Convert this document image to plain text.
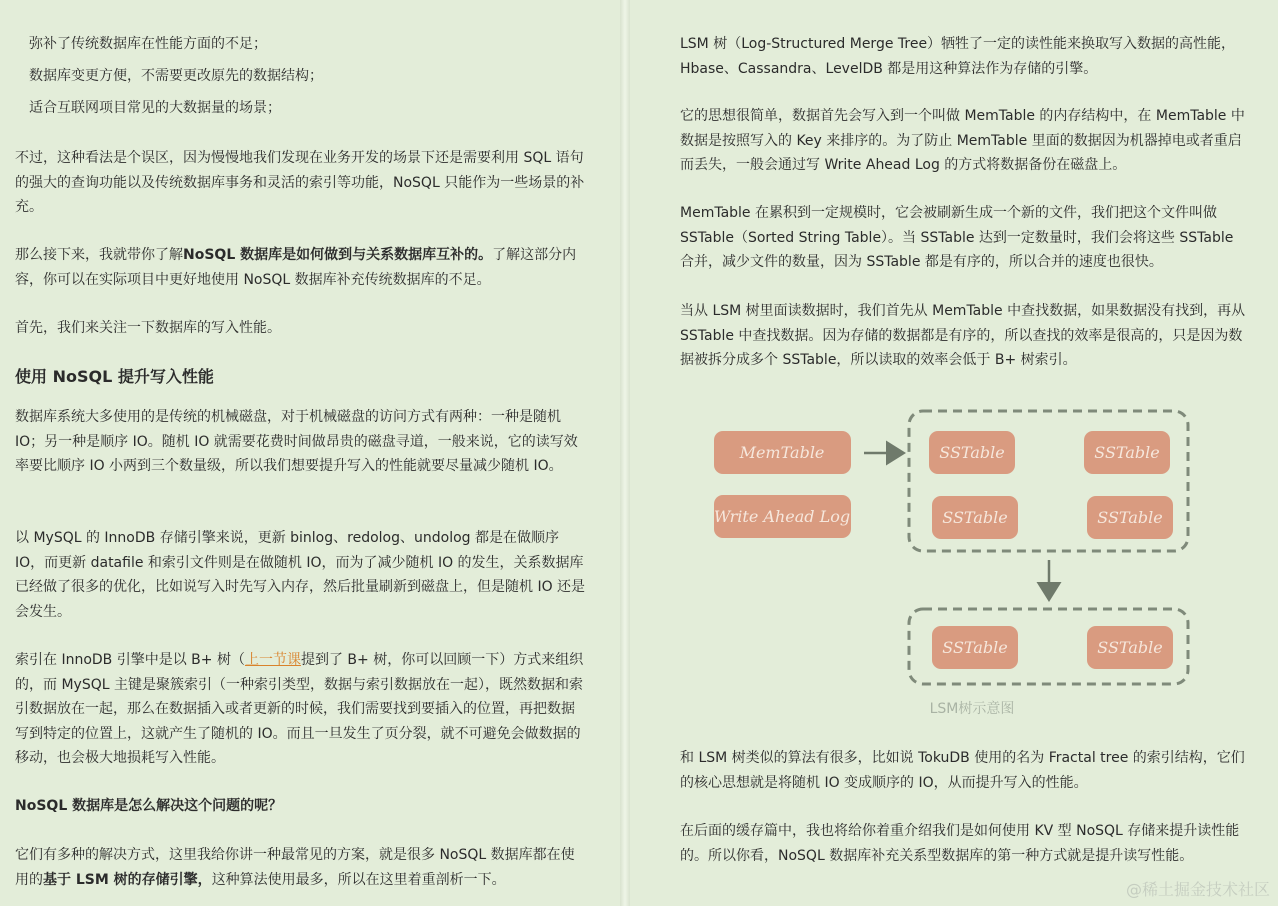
弥补了传统数据库在性能方面的不足；

数据库变更方便，不需要更改原先的数据结构；

适合互联网项目常见的大数据量的场景；

不过，这种看法是个误区，因为慢慢地我们发现在业务开发的场景下还是需要利用 SQL 语句的强大的查询功能以及传统数据库事务和灵活的索引等功能，NoSQL 只能作为一些场景的补充。

那么接下来，我就带你了解NoSQL 数据库是如何做到与关系数据库互补的。了解这部分内容，你可以在实际项目中更好地使用 NoSQL 数据库补充传统数据库的不足。

首先，我们来关注一下数据库的写入性能。

使用 NoSQL 提升写入性能

数据库系统大多使用的是传统的机械磁盘，对于机械磁盘的访问方式有两种：一种是随机 IO；另一种是顺序 IO。随机 IO 就需要花费时间做昂贵的磁盘寻道，一般来说，它的读写效率要比顺序 IO 小两到三个数量级，所以我们想要提升写入的性能就要尽量减少随机 IO。

以 MySQL 的 InnoDB 存储引擎来说，更新 binlog、redolog、undolog 都是在做顺序 IO，而更新 datafile 和索引文件则是在做随机 IO，而为了减少随机 IO 的发生，关系数据库已经做了很多的优化，比如说写入时先写入内存，然后批量刷新到磁盘上，但是随机 IO 还是会发生。

索引在 InnoDB 引擎中是以 B+ 树（上一节课提到了 B+ 树，你可以回顾一下）方式来组织的，而 MySQL 主键是聚簇索引（一种索引类型，数据与索引数据放在一起），既然数据和索引数据放在一起，那么在数据插入或者更新的时候，我们需要找到要插入的位置，再把数据写到特定的位置上，这就产生了随机的 IO。而且一旦发生了页分裂，就不可避免会做数据的移动，也会极大地损耗写入性能。

NoSQL 数据库是怎么解决这个问题的呢？

它们有多种的解决方式，这里我给你讲一种最常见的方案，就是很多 NoSQL 数据库都在使用的基于 LSM 树的存储引擎，这种算法使用最多，所以在这里着重剖析一下。

LSM 树（Log-Structured Merge Tree）牺牲了一定的读性能来换取写入数据的高性能，Hbase、Cassandra、LevelDB 都是用这种算法作为存储的引擎。

它的思想很简单，数据首先会写入到一个叫做 MemTable 的内存结构中，在 MemTable 中数据是按照写入的 Key 来排序的。为了防止 MemTable 里面的数据因为机器掉电或者重启而丢失，一般会通过写 Write Ahead Log 的方式将数据备份在磁盘上。

MemTable 在累积到一定规模时，它会被刷新生成一个新的文件，我们把这个文件叫做 SSTable（Sorted String Table）。当 SSTable 达到一定数量时，我们会将这些 SSTable 合并，减少文件的数量，因为 SSTable 都是有序的，所以合并的速度也很快。

当从 LSM 树里面读数据时，我们首先从 MemTable 中查找数据，如果数据没有找到，再从 SSTable 中查找数据。因为存储的数据都是有序的，所以查找的效率是很高的，只是因为数据被拆分成多个 SSTable，所以读取的效率会低于 B+ 树索引。

MemTable
Write Ahead Log
SSTable	SSTable
SSTable	SSTable
SSTable	SSTable
LSM树示意图

和 LSM 树类似的算法有很多，比如说 TokuDB 使用的名为 Fractal tree 的索引结构，它们的核心思想就是将随机 IO 变成顺序的 IO，从而提升写入的性能。

在后面的缓存篇中，我也将给你着重介绍我们是如何使用 KV 型 NoSQL 存储来提升读性能的。所以你看，NoSQL 数据库补充关系型数据库的第一种方式就是提升读写性能。

@稀土掘金技术社区
